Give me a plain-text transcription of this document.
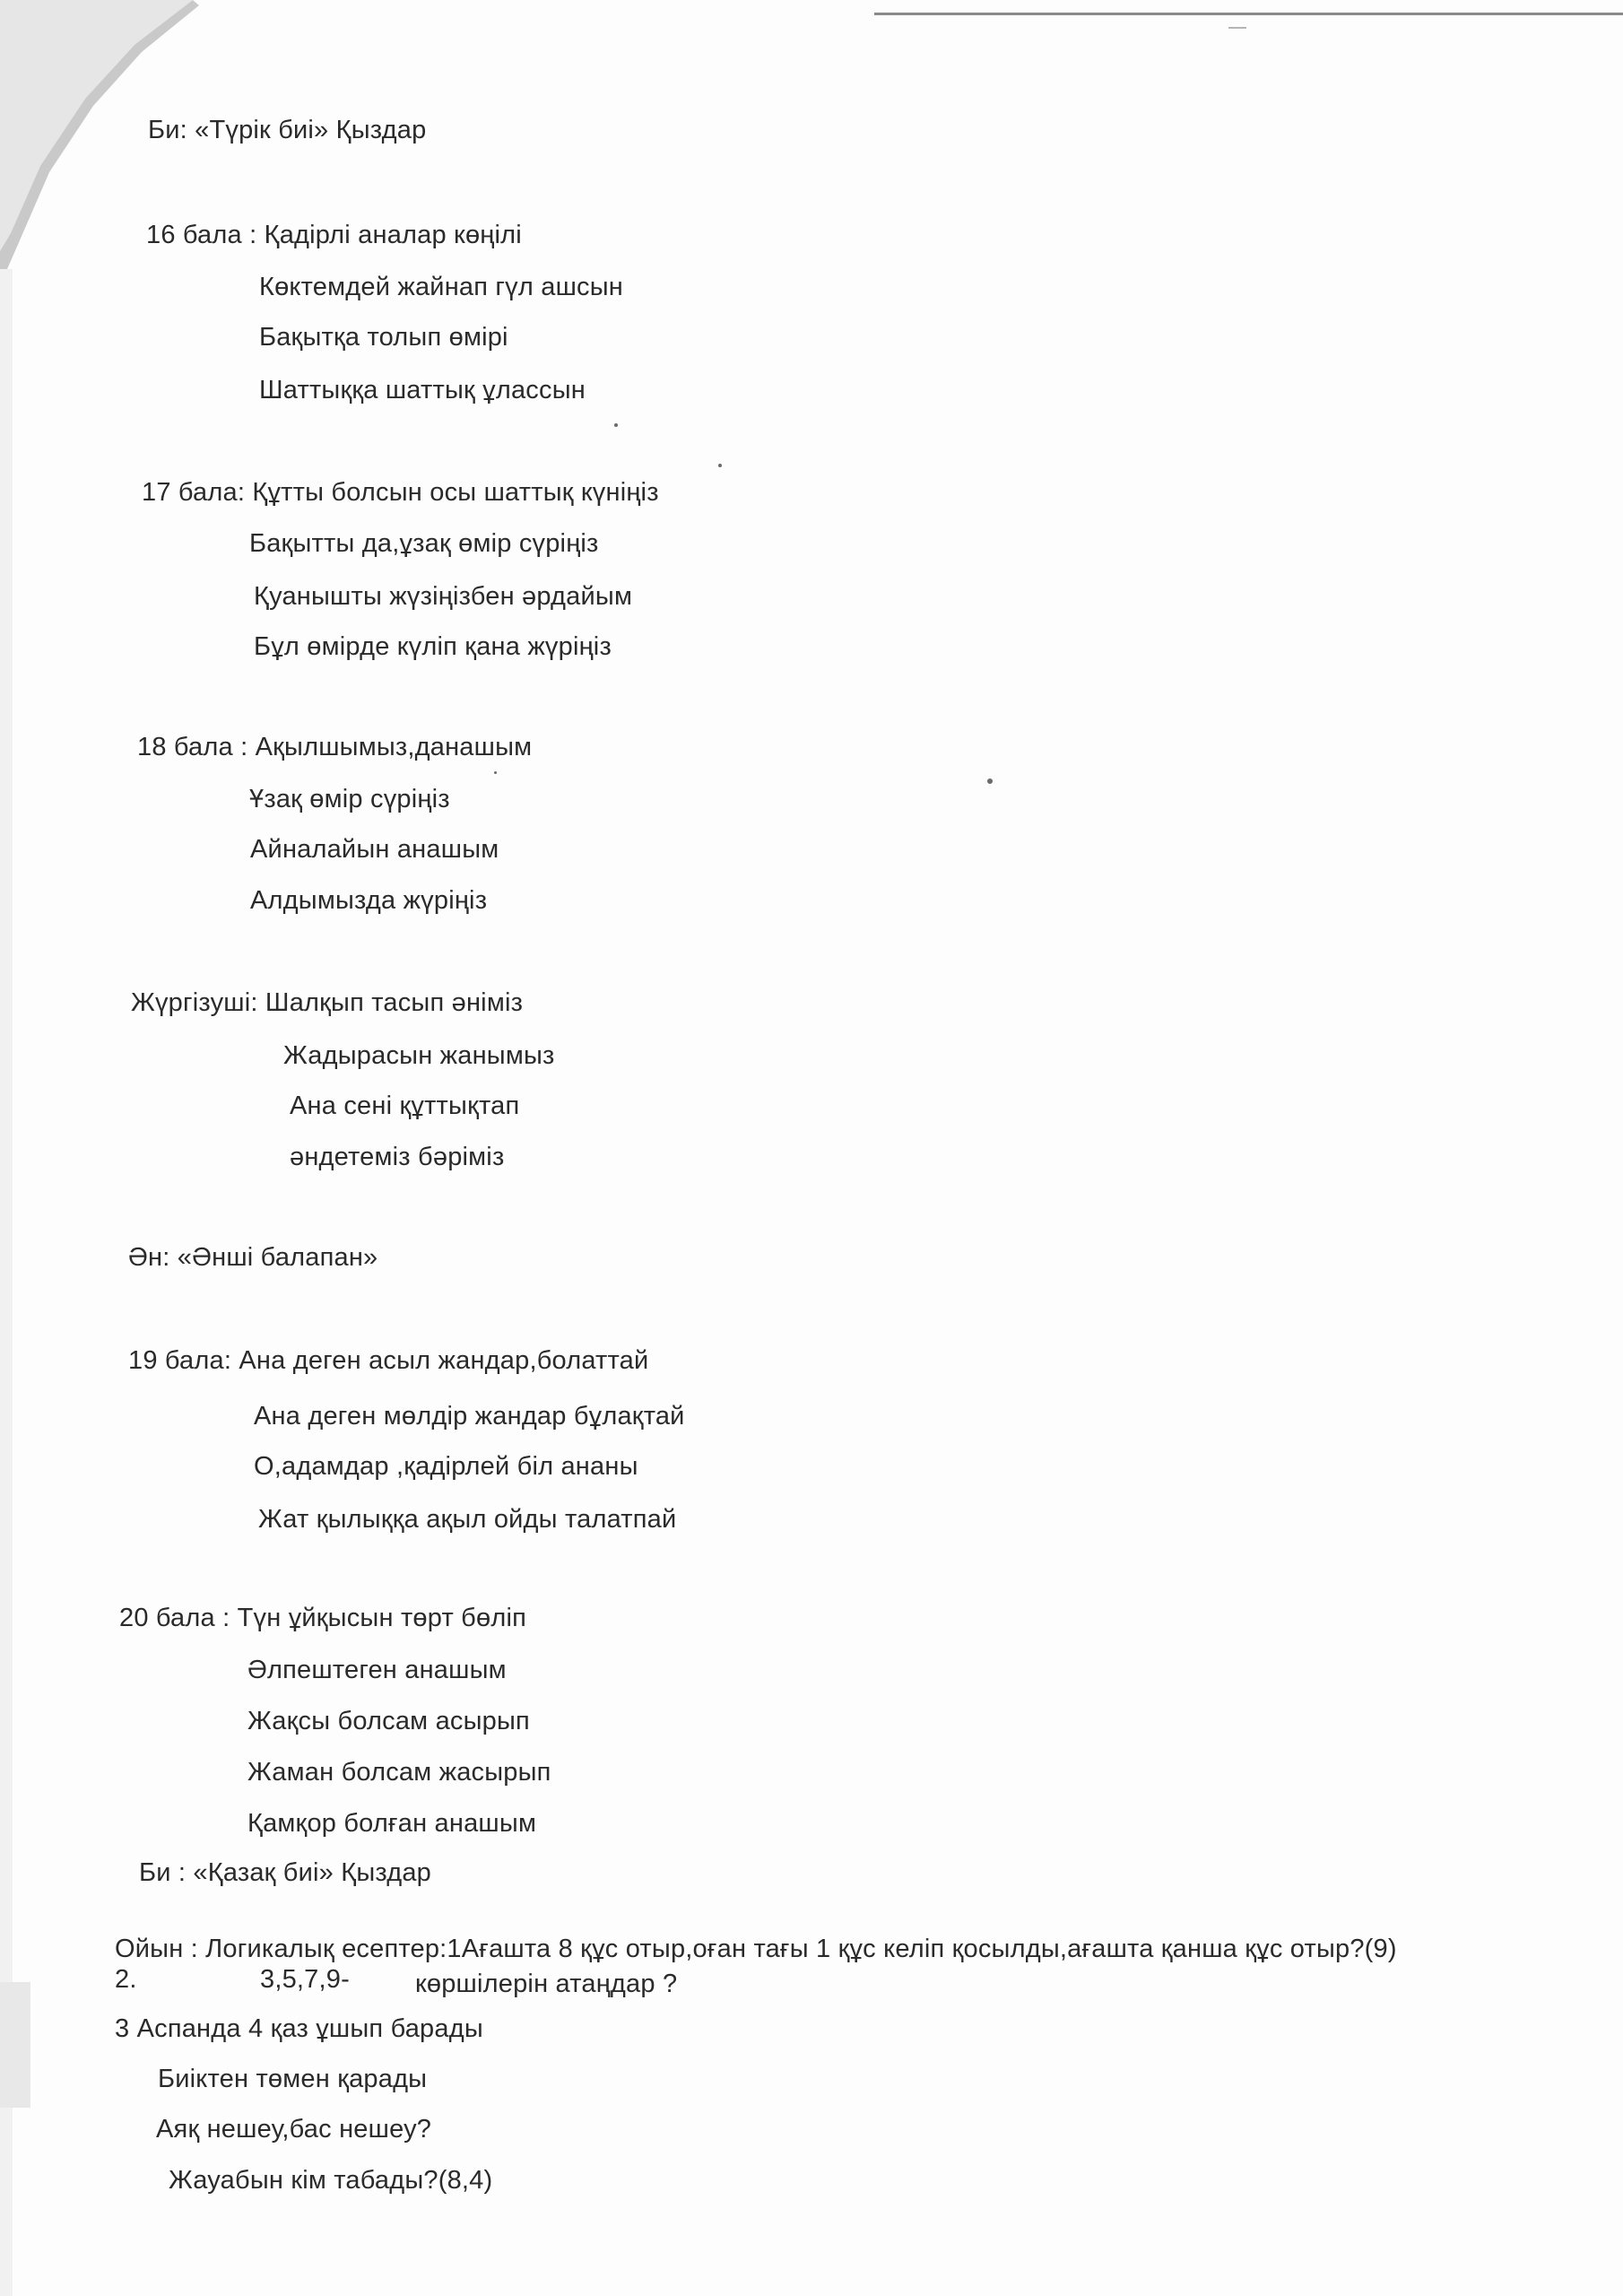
Би: «Түрік биі» Қыздар
16 бала : Қадірлі аналар көңілі
Көктемдей жайнап гүл ашсын
Бақытқа толып өмірі
Шаттыққа шаттық ұлассын
17 бала: Құтты болсын осы шаттық күніңіз
Бақытты да,ұзақ өмір сүріңіз
Қуанышты жүзіңізбен әрдайым
Бұл өмірде күліп қана жүріңіз
18 бала : Ақылшымыз,данашым
Ұзақ өмір сүріңіз
Айналайын анашым
Алдымызда жүріңіз
Жүргізуші: Шалқып тасып әніміз
Жадырасын жанымыз
Ана сені құттықтап
әндетеміз бәріміз
Ән: «Әнші балапан»
19 бала: Ана деген асыл жандар,болаттай
Ана деген мөлдір жандар бұлақтай
О,адамдар ,қадірлей біл ананы
Жат қылыққа ақыл ойды талатпай
20 бала : Түн ұйқысын төрт бөліп
Әлпештеген анашым
Жақсы болсам асырып
Жаман болсам жасырып
Қамқор болған анашым
Би : «Қазақ биі» Қыздар
Ойын : Логикалық есептер:1Ағашта 8 құс отыр,оған тағы 1 құс келіп қосылды,ағашта қанша құс отыр?(9)
2.	3,5,7,9-	көршілерін атаңдар ?
3 Аспанда 4 қаз ұшып барады
Биіктен төмен қарады
Аяқ нешеу,бас нешеу?
Жауабын кім табады?(8,4)
